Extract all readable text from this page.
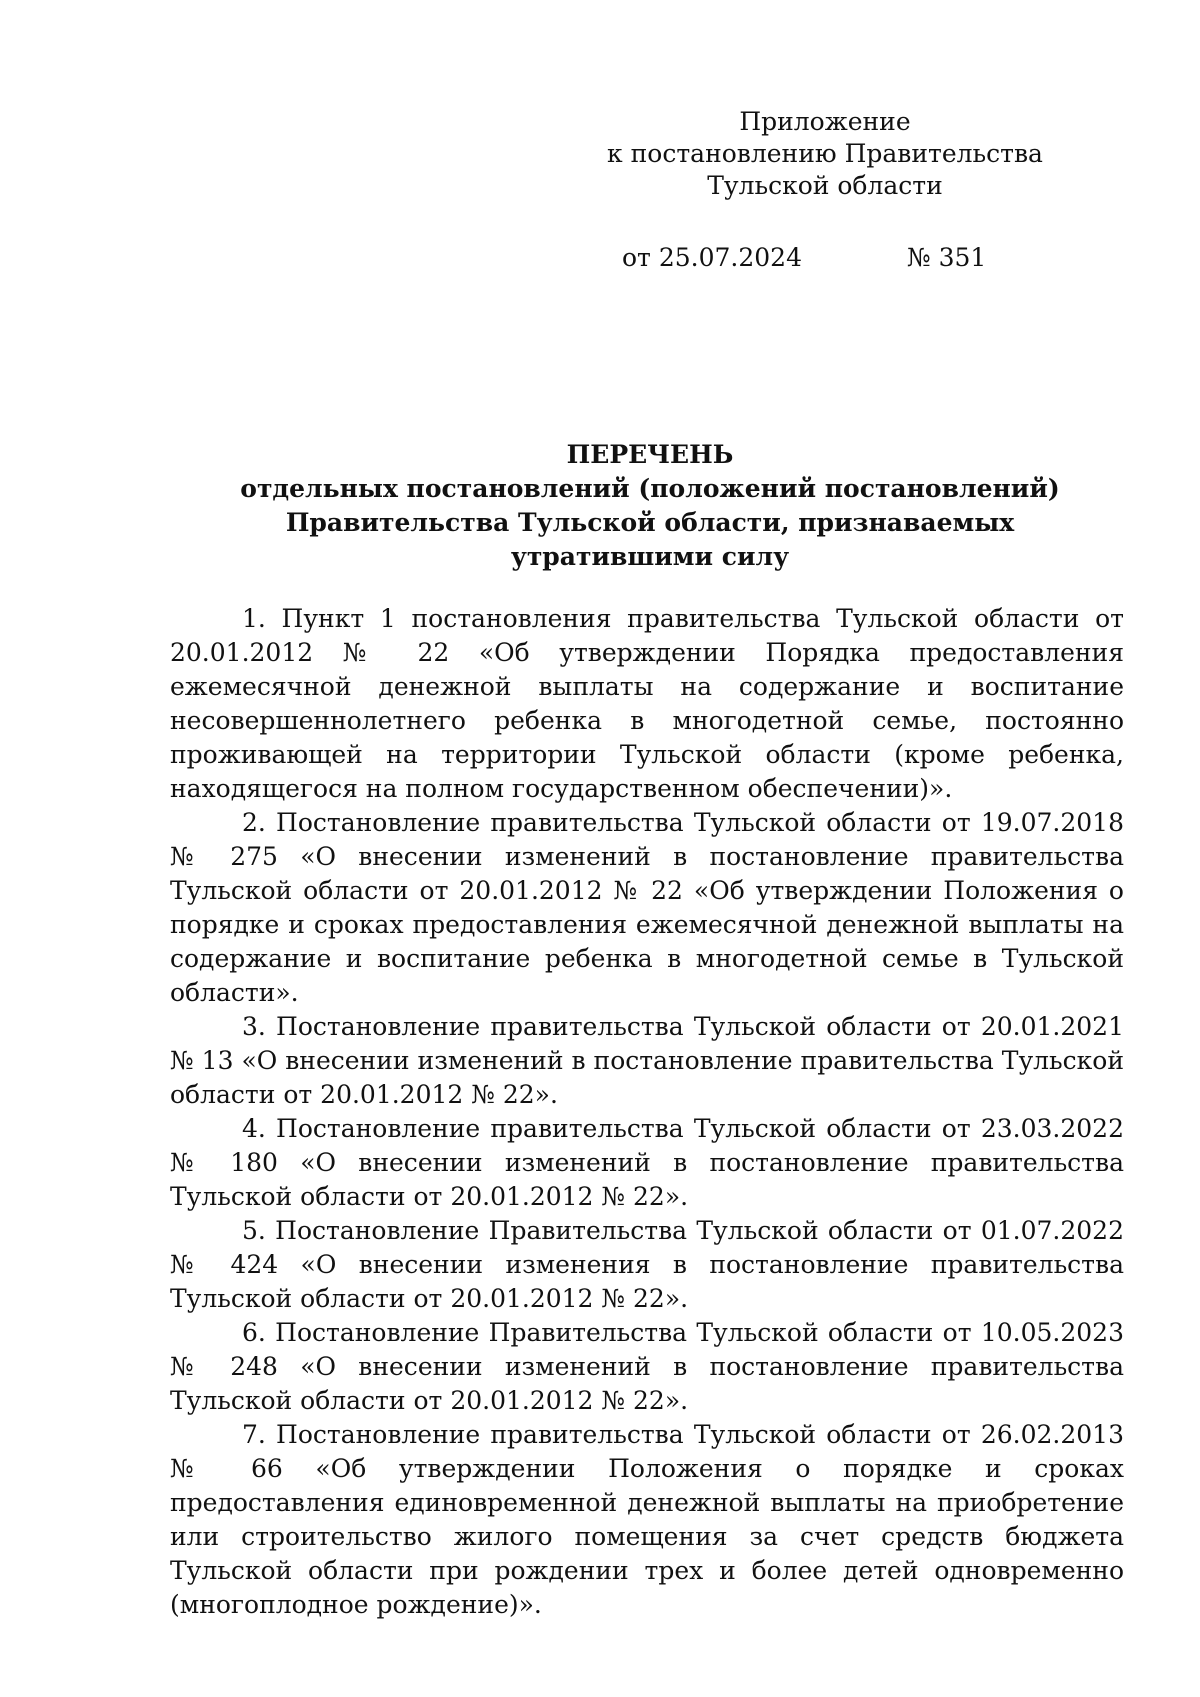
Приложение
к постановлению Правительства
Тульской области
от 25.07.2024	№ 351
ПЕРЕЧЕНЬ
отдельных постановлений (положений постановлений)
Правительства Тульской области, признаваемых
утратившими силу

1. Пункт 1 постановления правительства Тульской области от 20.01.2012 № 22 «Об утверждении Порядка предоставления ежемесячной денежной выплаты на содержание и воспитание несовершеннолетнего ребенка в многодетной семье, постоянно проживающей на территории Тульской области (кроме ребенка, находящегося на полном государственном обеспечении)».

2. Постановление правительства Тульской области от 19.07.2018 № 275 «О внесении изменений в постановление правительства Тульской области от 20.01.2012 № 22 «Об утверждении Положения о порядке и сроках предоставления ежемесячной денежной выплаты на содержание и воспитание ребенка в многодетной семье в Тульской области».

3. Постановление правительства Тульской области от 20.01.2021 № 13 «О внесении изменений в постановление правительства Тульской области от 20.01.2012 № 22».

4. Постановление правительства Тульской области от 23.03.2022 № 180 «О внесении изменений в постановление правительства Тульской области от 20.01.2012 № 22».

5. Постановление Правительства Тульской области от 01.07.2022 № 424 «О внесении изменения в постановление правительства Тульской области от 20.01.2012 № 22».

6. Постановление Правительства Тульской области от 10.05.2023 № 248 «О внесении изменений в постановление правительства Тульской области от 20.01.2012 № 22».

7. Постановление правительства Тульской области от 26.02.2013 № 66 «Об утверждении Положения о порядке и сроках предоставления единовременной денежной выплаты на приобретение или строительство жилого помещения за счет средств бюджета Тульской области при рождении трех и более детей одновременно (многоплодное рождение)».
